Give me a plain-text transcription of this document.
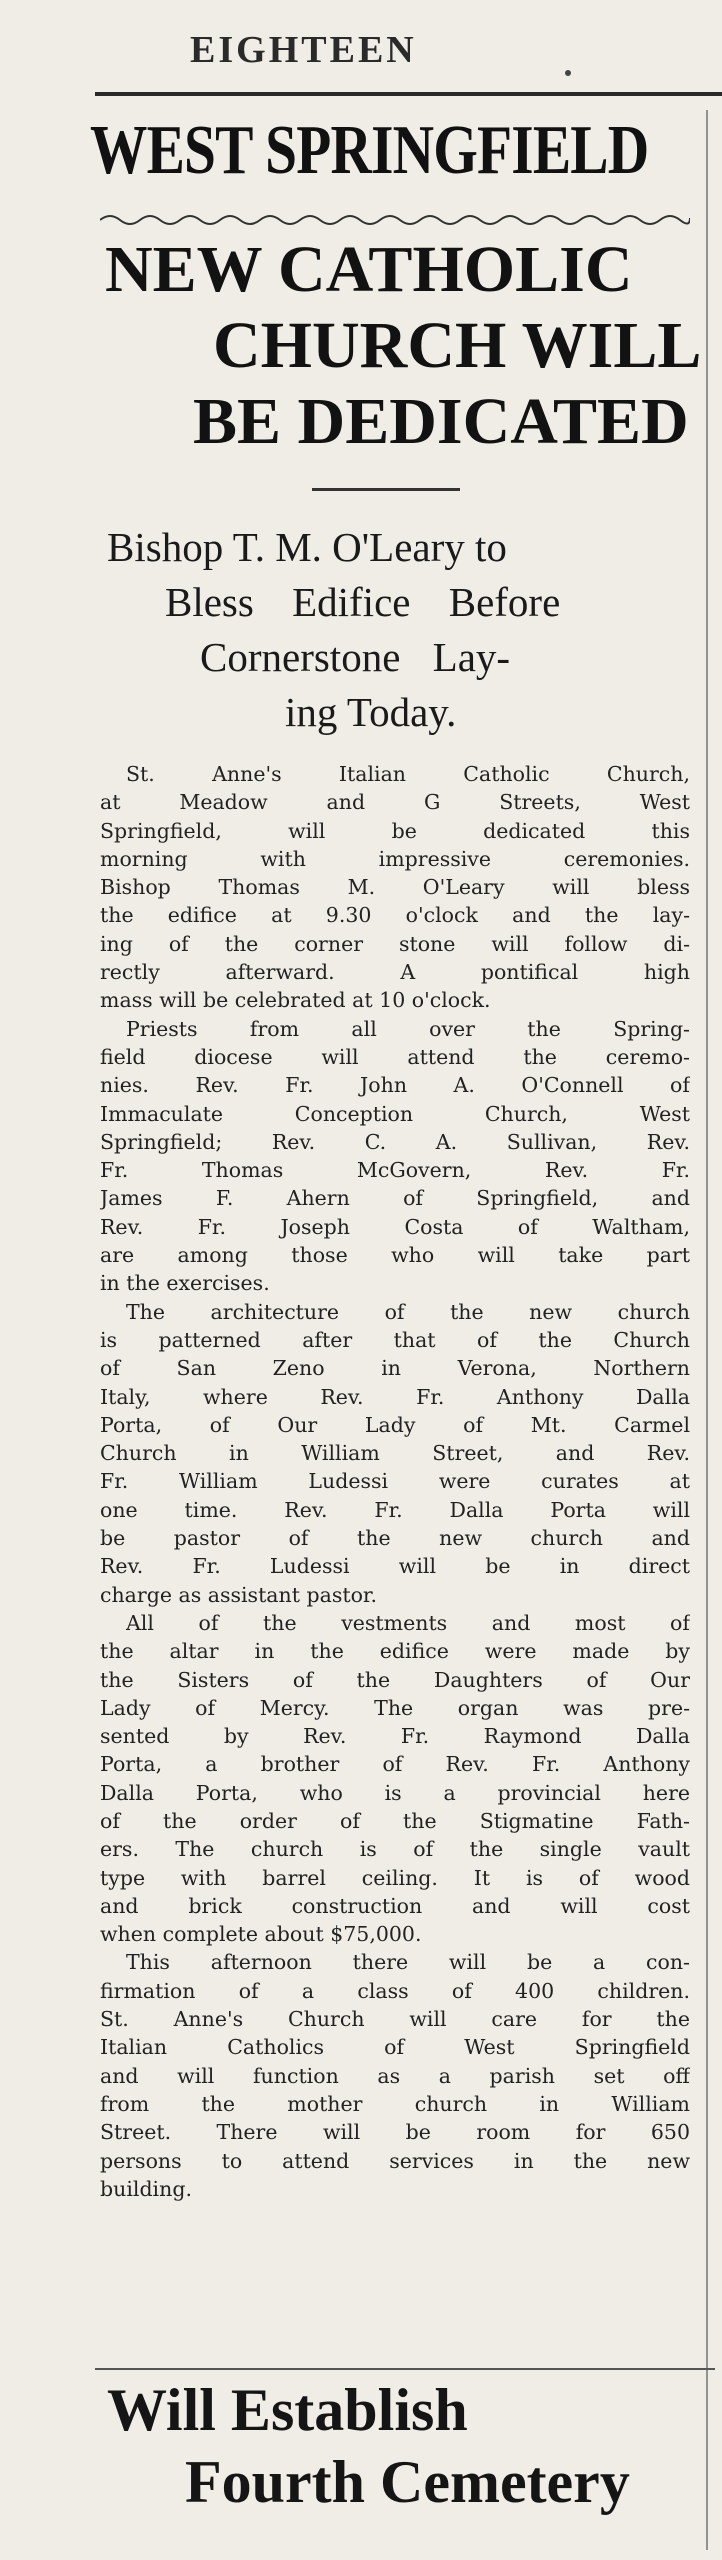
EIGHTEEN
WEST SPRINGFIELD
NEW CATHOLIC
CHURCH WILL
BE DEDICATED
Bishop T. M. O'Leary to
Bless Edifice Before
Cornerstone Lay-
ing Today.
St. Anne's Italian Catholic Church,
at Meadow and G Streets, West
Springfield, will be dedicated this
morning with impressive ceremonies.
Bishop Thomas M. O'Leary will bless
the edifice at 9.30 o'clock and the lay-
ing of the corner stone will follow di-
rectly afterward. A pontifical high
mass will be celebrated at 10 o'clock.
Priests from all over the Spring-
field diocese will attend the ceremo-
nies. Rev. Fr. John A. O'Connell of
Immaculate Conception Church, West
Springfield; Rev. C. A. Sullivan, Rev.
Fr. Thomas McGovern, Rev. Fr.
James F. Ahern of Springfield, and
Rev. Fr. Joseph Costa of Waltham,
are among those who will take part
in the exercises.
The architecture of the new church
is patterned after that of the Church
of San Zeno in Verona, Northern
Italy, where Rev. Fr. Anthony Dalla
Porta, of Our Lady of Mt. Carmel
Church in William Street, and Rev.
Fr. William Ludessi were curates at
one time. Rev. Fr. Dalla Porta will
be pastor of the new church and
Rev. Fr. Ludessi will be in direct
charge as assistant pastor.
All of the vestments and most of
the altar in the edifice were made by
the Sisters of the Daughters of Our
Lady of Mercy. The organ was pre-
sented by Rev. Fr. Raymond Dalla
Porta, a brother of Rev. Fr. Anthony
Dalla Porta, who is a provincial here
of the order of the Stigmatine Fath-
ers. The church is of the single vault
type with barrel ceiling. It is of wood
and brick construction and will cost
when complete about $75,000.
This afternoon there will be a con-
firmation of a class of 400 children.
St. Anne's Church will care for the
Italian Catholics of West Springfield
and will function as a parish set off
from the mother church in William
Street. There will be room for 650
persons to attend services in the new
building.
Will Establish
Fourth Cemetery
